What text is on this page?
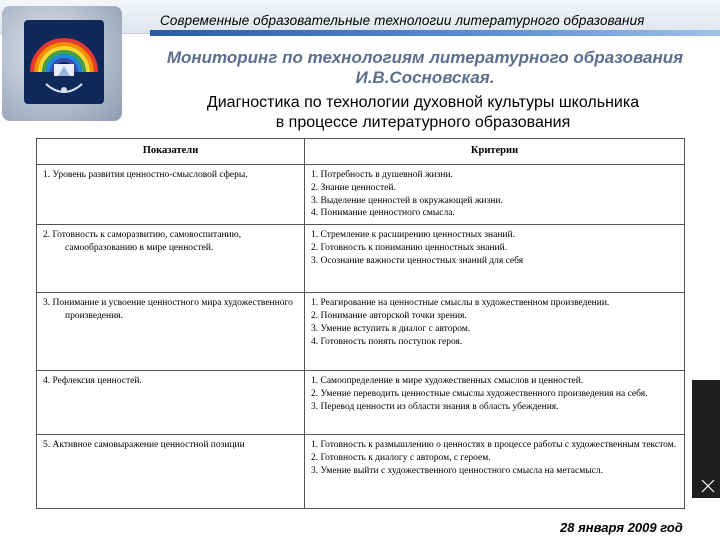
Современные образовательные технологии литературного образования
Мониторинг по технологиям литературного образования
И.В.Сосновская.
Диагностика по технологии духовной культуры школьника
в процессе литературного образования
Показатели	Критерии

1. Уровень развития ценностно-смысловой сферы.	1. Потребность в душевной жизни.
2. Знание ценностей.
3. Выделение ценностей в окружающей жизни.
4. Понимание ценностного смысла.

2. Готовность к саморазвитию, самовоспитанию, самообразованию в мире ценностей.	1. Стремление к расширению ценностных знаний.
2. Готовность к пониманию ценностных знаний.
3. Осознание важности ценностных знаний для себя

3. Понимание и усвоение ценностного мира художественного произведения.	1. Реагирование на ценностные смыслы в художественном произведении.
2. Понимание авторской точки зрения.
3. Умение вступить в диалог с автором.
4. Готовность понять поступок героя.

4. Рефлексия ценностей.	1. Самоопределение в мире художественных смыслов и ценностей.
2. Умение переводить ценностные смыслы художественного произведения на себя.
3. Перевод ценности из области знания в область убеждения.

5. Активное самовыражение ценностной позиции	1. Готовность к размышлению о ценностях в процессе работы с художественным текстом.
2. Готовность к диалогу с автором, с героем.
3. Умение выйти с художественного ценностного смысла на метасмысл.
28 января 2009 год
